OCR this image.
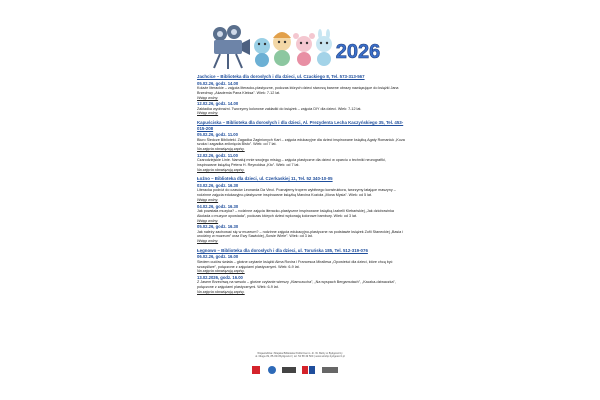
2026
Jachcice – Biblioteka dla dorosłych i dla dzieci, ul. Czackiego 8, Tel. 573-313-567
05.02.26, godz. 14.00
Kolaże literackie – zajęcia literacko-plastyczne, podczas których dzieci stworzą barwne obrazy nawiązujące do książki Jana Brzechwy „Akademia Pana Kleksa”. Wiek: 7-12 lat.
Wstęp wolny.
12.02.26, godz. 14.00
Zakładka wyobraźni. Tworzymy kolorowe zakładki do książek – zajęcia DIY dla dzieci. Wiek: 7-12 lat.
Wstęp wolny.
Kapuściska – Biblioteka dla dorosłych i dla dzieci, Al. Prezydenta Lecha Kaczyńskiego 35, Tel. 453-015-208
05.02.26, godz. 11.00
Biuro Śledcze Biblioteki. Zagadka Zaginionych Kart – zajęcia edukacyjne dla dzieci inspirowane książką Agaty Romaniuk „Koza szuka i zagadka zniknięcia Bisto”. Wiek: od 7 lat.
Na zajęcia obowiązują zapisy.
12.02.26, godz. 11.00
Czarodziejskie Linie. Namaluj mnie swojego misiąg – zajęcia plastyczne dla dzieci w oparciu o techniki neurografiki, inspirowane książką Petera H. Reynoldsa „Kto”. Wiek: od 7 lat.
Na zajęcia obowiązują zapisy.
Łoźno – Biblioteka dla dzieci, ul. Czerkaskiej 11, Tel. 52 340-10-05
03.02.26, godz. 16.30
Literacka podróż do czasów Leonarda Da Vinci. Poznajemy tropem wybitnego konstruktora, tworzymy łatające maszyny – rodzinne zajęcia edukacyjno-plastyczne inspirowane książką Marcina Kozioła „Mona Mysia”. Wiek: od 5 lat.
Wstęp wolny.
04.02.26, godz. 16.30
Jak powstała muzyka? – rodzinne zajęcia literacko-plastyczne inspirowane książką Izabelli Klebańskiej „Jak dziobowinka Akolada o muzyce opowiada”, podczas których dzieci wykonają kolorowe bambury. Wiek: od 3 lat.
Wstęp wolny.
05.02.26, godz. 16.30
Jak należy zachować się w muzeum? – rodzinne zajęcia edukacyjno-plastyczne na podstawie książek Zofii Staneckiej „Basia i urodziny w muzeum” oraz Ewy Sawickiej „Sowie Wiele”. Wiek: od 3 lat.
Wstęp wolny.
Łęgnowo – Biblioteka dla dorosłych i dla dzieci, ul. Toruńska 185, Tel. 512-319-076
06.02.26, godz. 16.00
Siedem cudów świata – głośne czytanie książki Alma Rovira i Francesca Mirallesa „Opowieści dla dzieci, które chcą być szczęśliwe”, połączone z zajęciami plastycznymi. Wiek: 6-9 lat.
Na zajęcia obowiązują zapisy.
13.02.2026, godz. 16.00
Z Jasem Brzechwą na wesoło – głośne czytanie wierszy „Kłamczucha”, „Na wyspach Bergamutach”, „Kaczka-dziwaczka”, połączone z zajęciami plastycznymi. Wiek: 6-9 lat.
Na zajęcia obowiązują zapisy.
Wojewódzka i Miejska Biblioteka Publiczna im. dr. W. Bełzy w Bydgoszczy
ul. Długa 39, 85-034 Bydgoszcz | tel. 52 58 49 500 | www.wimbp.bydgoszcz.pl
